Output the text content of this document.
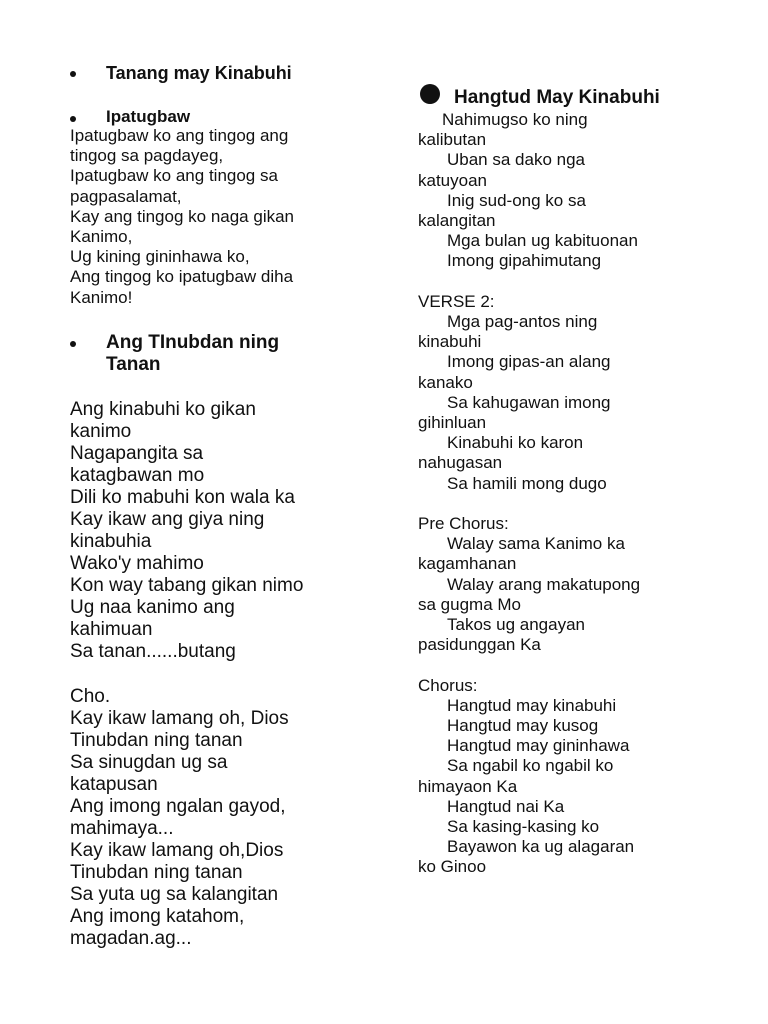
Tanang may Kinabuhi
Ipatugbaw
Ipatugbaw ko ang tingog ang
tingog sa pagdayeg,
Ipatugbaw ko ang tingog sa
pagpasalamat,
Kay ang tingog ko naga gikan
Kanimo,
Ug kining gininhawa ko,
Ang tingog ko ipatugbaw diha
Kanimo!
Ang TInubdan ning
Tanan
Ang kinabuhi ko gikan
kanimo
Nagapangita sa
katagbawan mo
Dili ko mabuhi kon wala ka
Kay ikaw ang giya ning
kinabuhia
Wako'y mahimo
Kon way tabang gikan nimo
Ug naa kanimo ang
kahimuan
Sa tanan......butang
Cho.
Kay ikaw lamang oh, Dios
Tinubdan ning tanan
Sa sinugdan ug sa
katapusan
Ang imong ngalan gayod,
mahimaya...
Kay ikaw lamang oh,Dios
Tinubdan ning tanan
Sa yuta ug sa kalangitan
Ang imong katahom,
magadan.ag...
Hangtud May Kinabuhi
Nahimugso ko ning
kalibutan
Uban sa dako nga
katuyoan
Inig sud-ong ko sa
kalangitan
Mga bulan ug kabituonan
Imong gipahimutang
VERSE 2:
Mga pag-antos ning
kinabuhi
Imong gipas-an alang
kanako
Sa kahugawan imong
gihinluan
Kinabuhi ko karon
nahugasan
Sa hamili mong dugo
Pre Chorus:
Walay sama Kanimo ka
kagamhanan
Walay arang makatupong
sa gugma Mo
Takos ug angayan
pasidunggan Ka
Chorus:
Hangtud may kinabuhi
Hangtud may kusog
Hangtud may gininhawa
Sa ngabil ko ngabil ko
himayaon Ka
Hangtud nai Ka
Sa kasing-kasing ko
Bayawon ka ug alagaran
ko Ginoo
